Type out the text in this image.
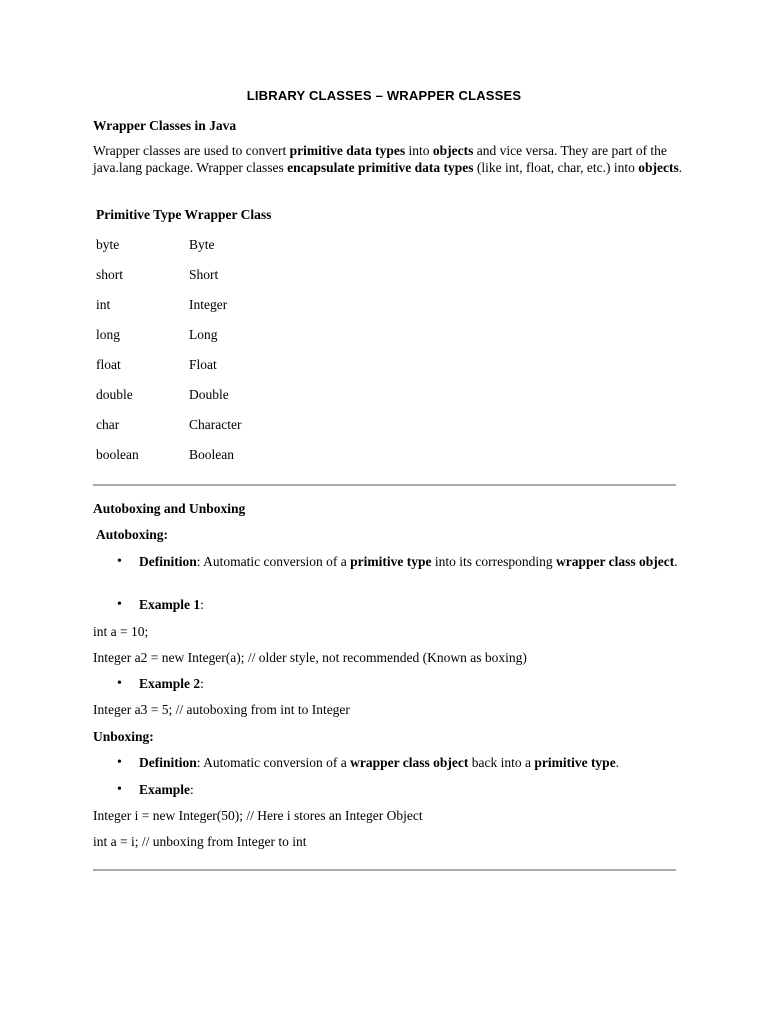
LIBRARY CLASSES – WRAPPER CLASSES
Wrapper Classes in Java
Wrapper classes are used to convert primitive data types into objects and vice versa. They are part of the java.lang package. Wrapper classes encapsulate primitive data types (like int, float, char, etc.) into objects.
Primitive Type Wrapper Class
byte	Byte
short	Short
int	Integer
long	Long
float	Float
double	Double
char	Character
boolean	Boolean
Autoboxing and Unboxing
Autoboxing:
• Definition: Automatic conversion of a primitive type into its corresponding wrapper class object.
• Example 1:
int a = 10;
Integer a2 = new Integer(a); // older style, not recommended (Known as boxing)
• Example 2:
Integer a3 = 5; // autoboxing from int to Integer
Unboxing:
• Definition: Automatic conversion of a wrapper class object back into a primitive type.
• Example:
Integer i = new Integer(50); // Here i stores an Integer Object
int a = i; // unboxing from Integer to int
